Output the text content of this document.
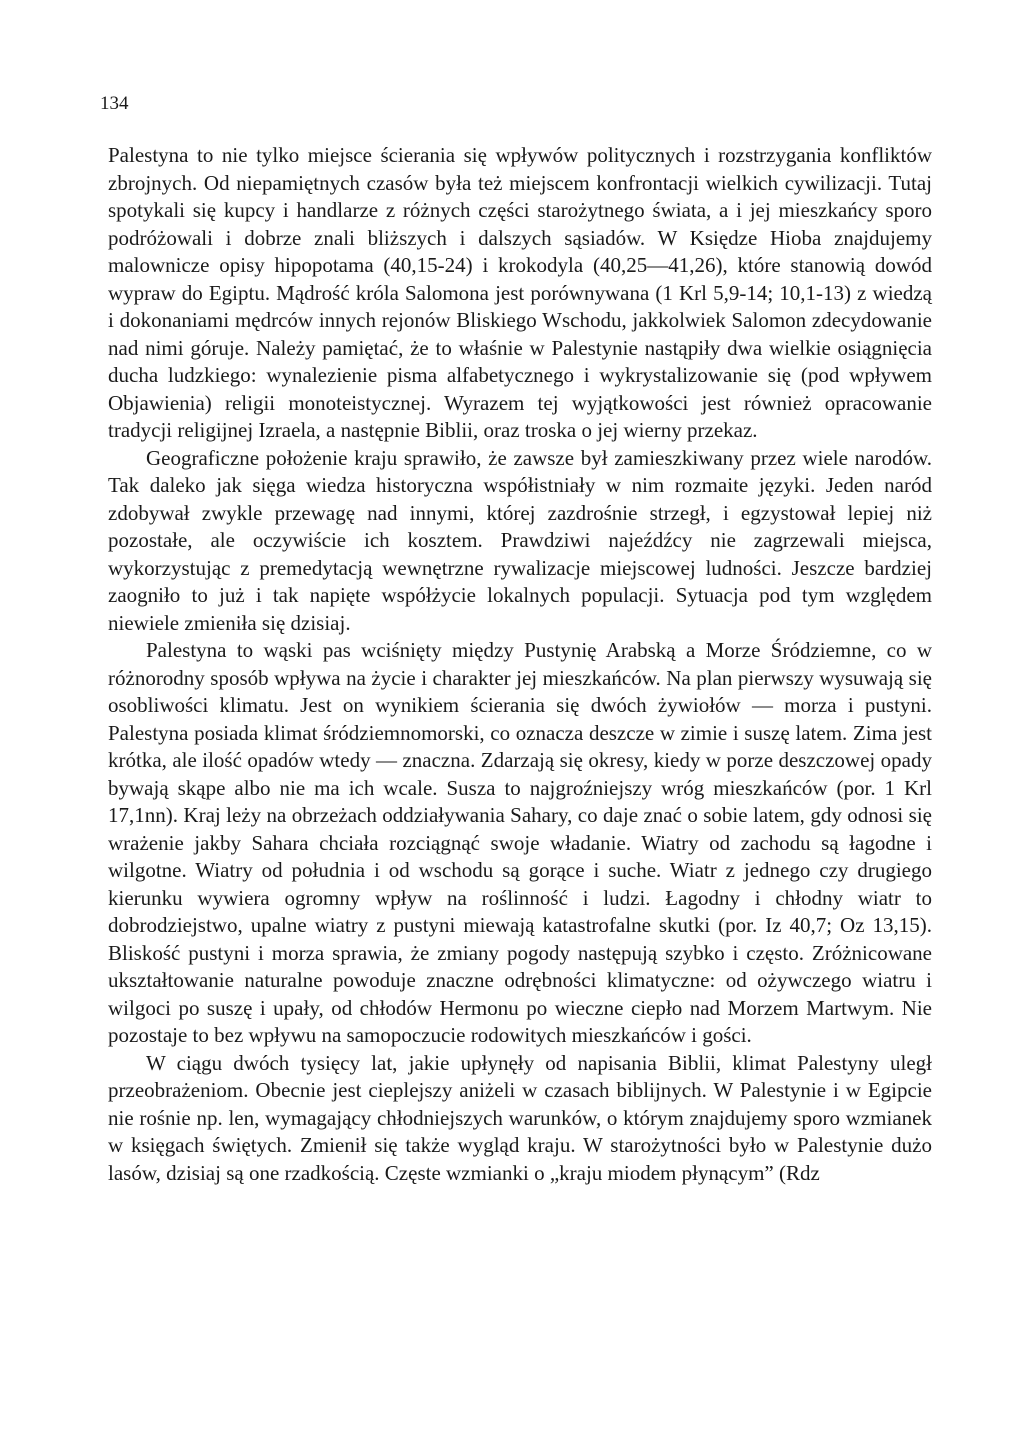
134

Palestyna to nie tylko miejsce ścierania się wpływów politycznych i rozstrzygania konfliktów zbrojnych. Od niepamiętnych czasów była też miejscem konfrontacji wielkich cywilizacji. Tutaj spotykali się kupcy i handlarze z różnych części starożytnego świata, a i jej mieszkańcy sporo podróżowali i dobrze znali bliższych i dalszych sąsiadów. W Księdze Hioba znajdujemy malownicze opisy hipopotama (40,15-24) i krokodyla (40,25—41,26), które stanowią dowód wypraw do Egiptu. Mądrość króla Salomona jest porównywana (1 Krl 5,9-14; 10,1-13) z wiedzą i dokonaniami mędrców innych rejonów Bliskiego Wschodu, jakkolwiek Salomon zdecydowanie nad nimi góruje. Należy pamiętać, że to właśnie w Palestynie nastąpiły dwa wielkie osiągnięcia ducha ludzkiego: wynalezienie pisma alfabetycznego i wykrystalizowanie się (pod wpływem Objawienia) religii monoteistycznej. Wyrazem tej wyjątkowości jest również opracowanie tradycji religijnej Izraela, a następnie Biblii, oraz troska o jej wierny przekaz.

Geograficzne położenie kraju sprawiło, że zawsze był zamieszkiwany przez wiele narodów. Tak daleko jak sięga wiedza historyczna współistniały w nim rozmaite języki. Jeden naród zdobywał zwykle przewagę nad innymi, której zazdrośnie strzegł, i egzystował lepiej niż pozostałe, ale oczywiście ich kosztem. Prawdziwi najeźdźcy nie zagrzewali miejsca, wykorzystując z premedytacją wewnętrzne rywalizacje miejscowej ludności. Jeszcze bardziej zaogniło to już i tak napięte współżycie lokalnych populacji. Sytuacja pod tym względem niewiele zmieniła się dzisiaj.

Palestyna to wąski pas wciśnięty między Pustynię Arabską a Morze Śródziemne, co w różnorodny sposób wpływa na życie i charakter jej mieszkańców. Na plan pierwszy wysuwają się osobliwości klimatu. Jest on wynikiem ścierania się dwóch żywiołów — morza i pustyni. Palestyna posiada klimat śródziemnomorski, co oznacza deszcze w zimie i suszę latem. Zima jest krótka, ale ilość opadów wtedy — znaczna. Zdarzają się okresy, kiedy w porze deszczowej opady bywają skąpe albo nie ma ich wcale. Susza to najgroźniejszy wróg mieszkańców (por. 1 Krl 17,1nn). Kraj leży na obrzeżach oddziaływania Sahary, co daje znać o sobie latem, gdy odnosi się wrażenie jakby Sahara chciała rozciągnąć swoje władanie. Wiatry od zachodu są łagodne i wilgotne. Wiatry od południa i od wschodu są gorące i suche. Wiatr z jednego czy drugiego kierunku wywiera ogromny wpływ na roślinność i ludzi. Łagodny i chłodny wiatr to dobrodziejstwo, upalne wiatry z pustyni miewają katastrofalne skutki (por. Iz 40,7; Oz 13,15). Bliskość pustyni i morza sprawia, że zmiany pogody następują szybko i często. Zróżnicowane ukształtowanie naturalne powoduje znaczne odrębności klimatyczne: od ożywczego wiatru i wilgoci po suszę i upały, od chłodów Hermonu po wieczne ciepło nad Morzem Martwym. Nie pozostaje to bez wpływu na samopoczucie rodowitych mieszkańców i gości.

W ciągu dwóch tysięcy lat, jakie upłynęły od napisania Biblii, klimat Palestyny uległ przeobrażeniom. Obecnie jest cieplejszy aniżeli w czasach biblijnych. W Palestynie i w Egipcie nie rośnie np. len, wymagający chłodniejszych warunków, o którym znajdujemy sporo wzmianek w księgach świętych. Zmienił się także wygląd kraju. W starożytności było w Palestynie dużo lasów, dzisiaj są one rzadkością. Częste wzmianki o „kraju miodem płynącym” (Rdz
